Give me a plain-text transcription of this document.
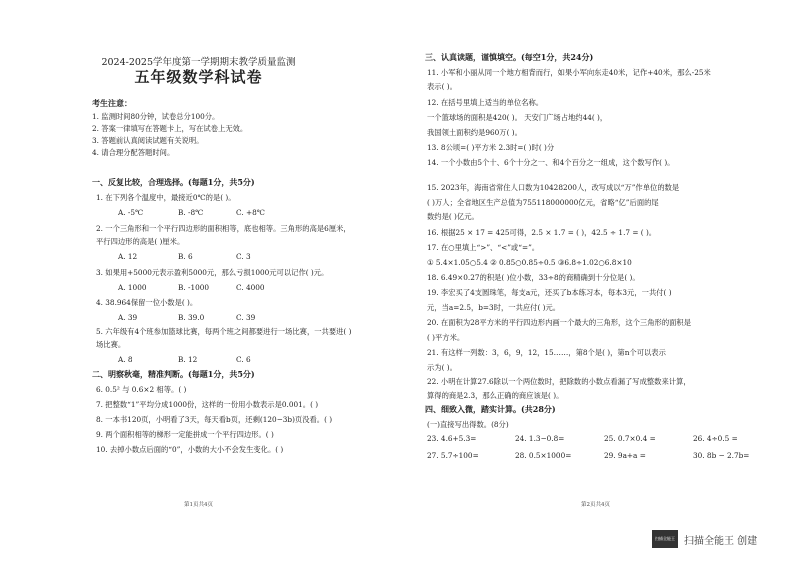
2024-2025学年度第一学期期末教学质量监测
五年级数学科试卷
考生注意：
1. 监测时间80分钟，试卷总分100分。
2. 答案一律填写在答题卡上，写在试卷上无效。
3. 答题前认真阅读试题有关说明。
4. 请合理分配答题时间。
一、反复比较，合理选择。(每题1分，共5分)
1. 在下列各个温度中，最接近0℃的是( )。
A. -5℃	B. -8℃	C. +8℃
2. 一个三角形和一个平行四边形的面积相等，底也相等。三角形的高是6厘米，
平行四边形的高是( )厘米。
A. 12	B. 6	C. 3
3. 如果用+5000元表示盈利5000元，那么亏损1000元可以记作( )元。
A. 1000	B. -1000	C. 4000
4. 38.964保留一位小数是( )。
A. 39	B. 39.0	C. 39
5. 六年级有4个班参加篮球比赛，每两个班之间都要进行一场比赛，一共要进( )
场比赛。
A. 8	B. 12	C. 6
二、明察秋毫，精准判断。(每题1分，共5分)
6. 0.5² 与 0.6×2 相等。( )
7. 把整数“1”平均分成1000份，这样的一份用小数表示是0.001。( )
8. 一本书120页，小明看了3天，每天看b页，还剩(120−3b)页没看。( )
9. 两个面积相等的梯形一定能拼成一个平行四边形。( )
10. 去掉小数点后面的“0”，小数的大小不会发生变化。( )
第1页共4页
三、认真读题，谨慎填空。(每空1分，共24分)
11. 小军和小丽从同一个地方相背而行，如果小军向东走40米，记作+40米，那么-25米
表示( )。
12. 在括号里填上适当的单位名称。
一个篮球场的面积是420( )。 天安门广场占地约44( )，
我国领土面积约是960万( )。
13. 8公顷=( )平方米 2.3时=( )时( )分
14. 一个小数由5个十、6个十分之一、和4个百分之一组成，这个数写作( )。
15. 2023年，海南省常住人口数为10428200人，改写成以“万”作单位的数是
( )万人；全省地区生产总值为755118000000亿元，省略“亿”后面的尾
数约是( )亿元。
16. 根据25 × 17 = 425可得，2.5 × 1.7 = ( )，42.5 ÷ 1.7 = ( )。
17. 在○里填上“>”、“<”或“=”。
① 5.4×1.05○5.4 ② 0.85○0.85÷0.5 ③6.8÷1.02○6.8×10
18. 6.49×0.27的积是( )位小数，33÷8的商精确到十分位是( )。
19. 李宏买了4支圆珠笔，每支a元，还买了b本练习本，每本3元，一共付( )
元，当a=2.5，b=3时，一共应付( )元。
20. 在面积为28平方米的平行四边形内画一个最大的三角形，这个三角形的面积是
( )平方米。
21. 有这样一列数：3，6，9，12，15……，第8个是( )，第n个可以表示
示为( )。
22. 小明在计算27.6除以一个两位数时，把除数的小数点看漏了写成整数来计算，
算得的商是2.3，那么正确的商应该是( )。
四、细致入微，踏实计算。(共28分)
(一)直接写出得数。(8分)
23. 4.6+5.3=	24. 1.3−0.8=	25. 0.7×0.4 =	26. 4÷0.5 =
27. 5.7÷100=	28. 0.5×1000=	29. 9a+a =	30. 8b − 2.7b=
第2页共4页
扫描全能王 扫描全能王 创建
